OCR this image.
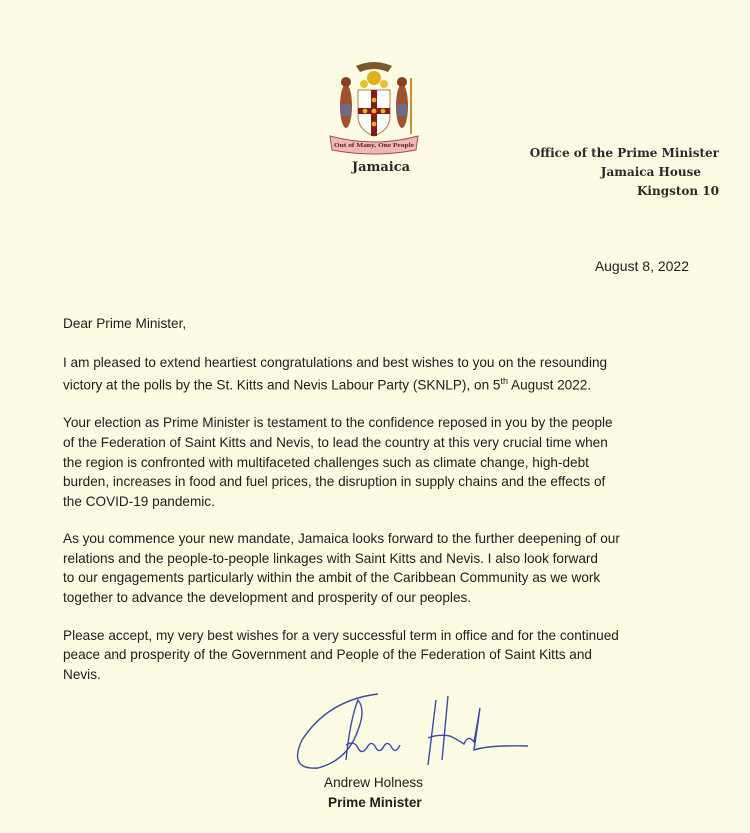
Out of Many, One People
Jamaica
Office of the Prime Minister
Jamaica House
Kingston 10
August 8, 2022

Dear Prime Minister,

I am pleased to extend heartiest congratulations and best wishes to you on the resounding
victory at the polls by the St. Kitts and Nevis Labour Party (SKNLP), on 5th August 2022.

Your election as Prime Minister is testament to the confidence reposed in you by the people
of the Federation of Saint Kitts and Nevis, to lead the country at this very crucial time when
the region is confronted with multifaceted challenges such as climate change, high-debt
burden, increases in food and fuel prices, the disruption in supply chains and the effects of
the COVID-19 pandemic.

As you commence your new mandate, Jamaica looks forward to the further deepening of our
relations and the people-to-people linkages with Saint Kitts and Nevis. I also look forward
to our engagements particularly within the ambit of the Caribbean Community as we work
together to advance the development and prosperity of our peoples.

Please accept, my very best wishes for a very successful term in office and for the continued
peace and prosperity of the Government and People of the Federation of Saint Kitts and
Nevis.

Andrew Holness
Prime Minister
